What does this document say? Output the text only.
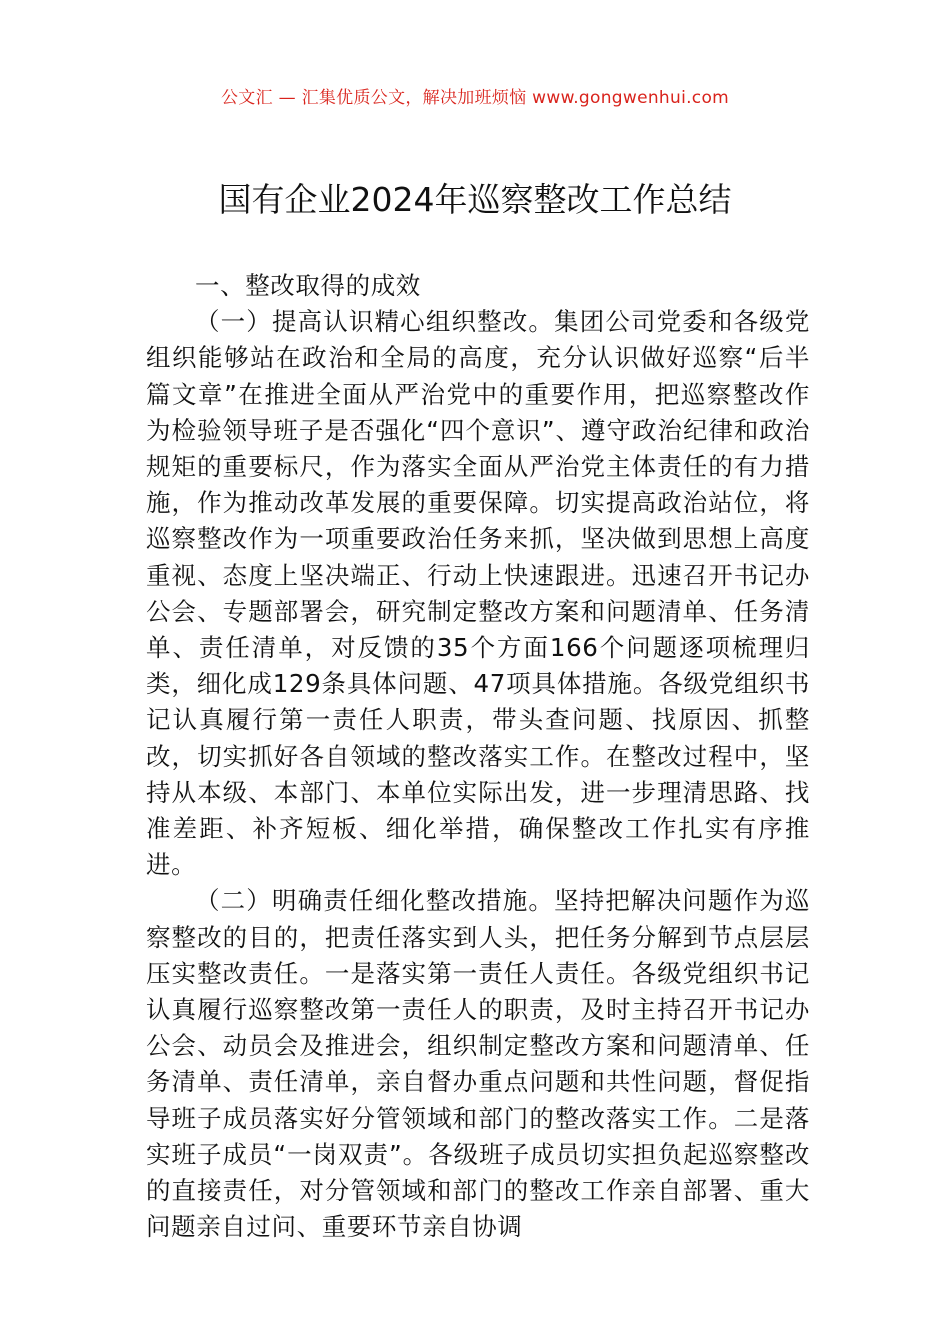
公文汇 — 汇集优质公文，解决加班烦恼 www.gongwenhui.com
国有企业2024年巡察整改工作总结

一、整改取得的成效

（一）提高认识精心组织整改。集团公司党委和各级党组织能够站在政治和全局的高度，充分认识做好巡察“后半篇文章”在推进全面从严治党中的重要作用，把巡察整改作为检验领导班子是否强化“四个意识”、遵守政治纪律和政治规矩的重要标尺，作为落实全面从严治党主体责任的有力措施，作为推动改革发展的重要保障。切实提高政治站位，将巡察整改作为一项重要政治任务来抓，坚决做到思想上高度重视、态度上坚决端正、行动上快速跟进。迅速召开书记办公会、专题部署会，研究制定整改方案和问题清单、任务清单、责任清单，对反馈的35个方面166个问题逐项梳理归类，细化成129条具体问题、47项具体措施。各级党组织书记认真履行第一责任人职责，带头查问题、找原因、抓整改，切实抓好各自领域的整改落实工作。在整改过程中，坚持从本级、本部门、本单位实际出发，进一步理清思路、找准差距、补齐短板、细化举措，确保整改工作扎实有序推进。

（二）明确责任细化整改措施。坚持把解决问题作为巡察整改的目的，把责任落实到人头，把任务分解到节点层层压实整改责任。一是落实第一责任人责任。各级党组织书记认真履行巡察整改第一责任人的职责，及时主持召开书记办公会、动员会及推进会，组织制定整改方案和问题清单、任务清单、责任清单，亲自督办重点问题和共性问题，督促指导班子成员落实好分管领域和部门的整改落实工作。二是落实班子成员“一岗双责”。各级班子成员切实担负起巡察整改的直接责任，对分管领域和部门的整改工作亲自部署、重大问题亲自过问、重要环节亲自协调
